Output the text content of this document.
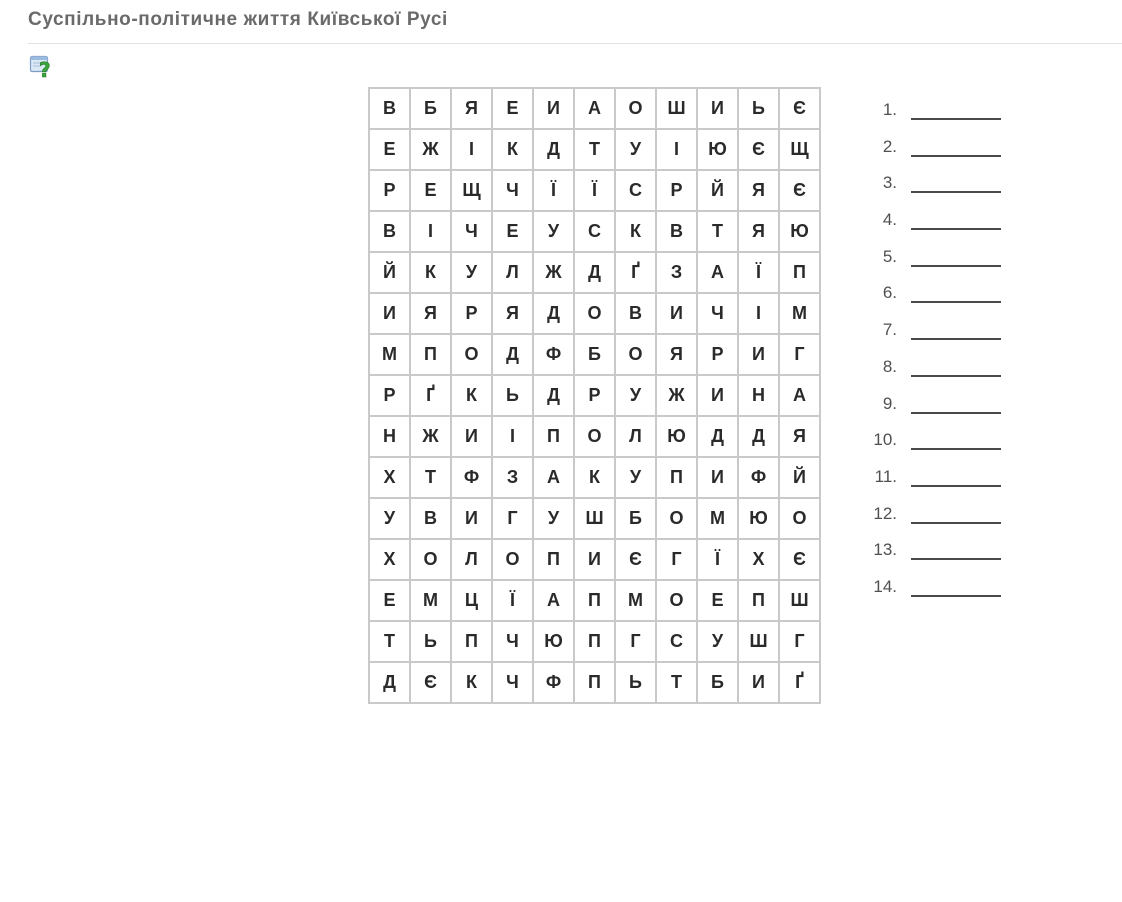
Суспільно-політичне життя Київської Русі
?
В	Б	Я	Е	И	А	О	Ш	И	Ь	Є
Е	Ж	І	К	Д	Т	У	І	Ю	Є	Щ
Р	Е	Щ	Ч	Ї	Ї	С	Р	Й	Я	Є
В	І	Ч	Е	У	С	К	В	Т	Я	Ю
Й	К	У	Л	Ж	Д	Ґ	З	А	Ї	П
И	Я	Р	Я	Д	О	В	И	Ч	І	М
М	П	О	Д	Ф	Б	О	Я	Р	И	Г
Р	Ґ	К	Ь	Д	Р	У	Ж	И	Н	А
Н	Ж	И	І	П	О	Л	Ю	Д	Д	Я
Х	Т	Ф	З	А	К	У	П	И	Ф	Й
У	В	И	Г	У	Ш	Б	О	М	Ю	О
Х	О	Л	О	П	И	Є	Г	Ї	Х	Є
Е	М	Ц	Ї	А	П	М	О	Е	П	Ш
Т	Ь	П	Ч	Ю	П	Г	С	У	Ш	Г
Д	Є	К	Ч	Ф	П	Ь	Т	Б	И	Ґ
1.
2.
3.
4.
5.
6.
7.
8.
9.
10.
11.
12.
13.
14.
